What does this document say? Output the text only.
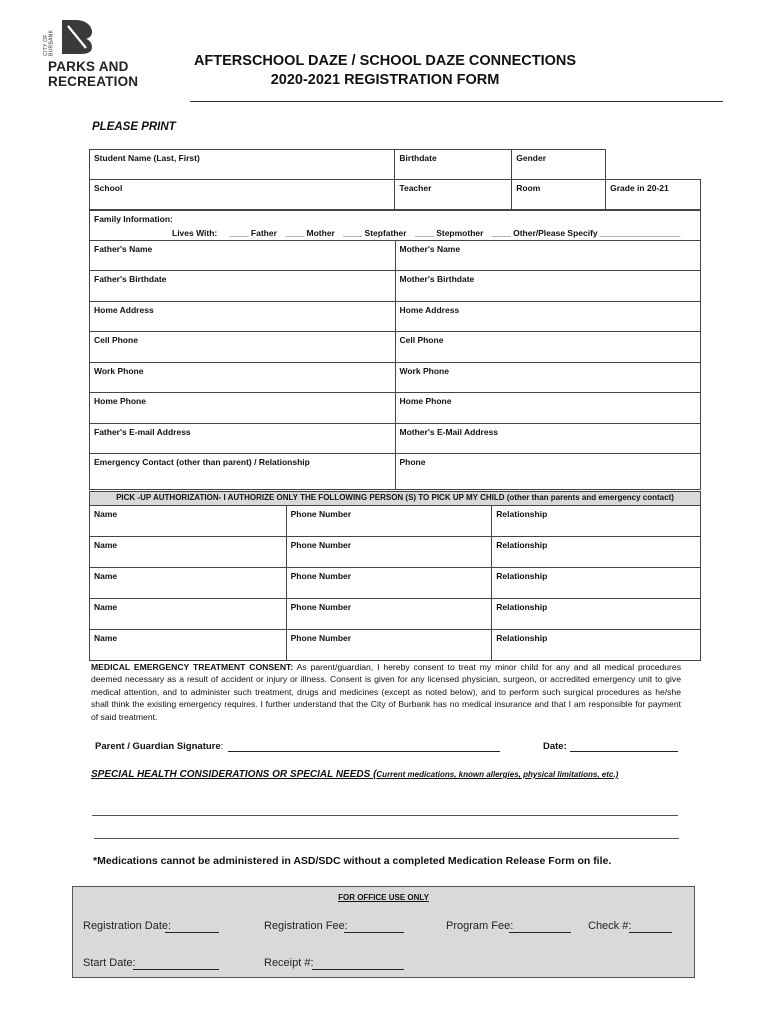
CITY OF BURBANK
PARKS AND
RECREATION
AFTERSCHOOL DAZE / SCHOOL DAZE CONNECTIONS
2020-2021 REGISTRATION FORM
PLEASE PRINT
Student Name (Last, First)	Birthdate	Gender	
School	Teacher	Room	Grade in 20-21
Family Information:
Lives With: ____ Father ____ Mother ____ Stepfather ____ Stepmother ____ Other/Please Specify _________________	

Father's Name	Mother's Name
Father's Birthdate	Mother's Birthdate
Home Address	Home Address
Cell Phone	Cell Phone
Work Phone	Work Phone
Home Phone	Home Phone
Father's E-mail Address	Mother's E-Mail Address
Emergency Contact (other than parent) / Relationship	Phone
PICK -UP AUTHORIZATION- I AUTHORIZE ONLY THE FOLLOWING PERSON (S) TO PICK UP MY CHILD (other than parents and emergency contact)		
Name	Phone Number	Relationship
Name	Phone Number	Relationship
Name	Phone Number	Relationship
Name	Phone Number	Relationship
Name	Phone Number	Relationship
MEDICAL EMERGENCY TREATMENT CONSENT: As parent/guardian, I hereby consent to treat my minor child for any and all medical procedures deemed necessary as a result of accident or injury or illness. Consent is given for any licensed physician, surgeon, or accredited emergency unit to give medical attention, and to administer such treatment, drugs and medicines (except as noted below), and to perform such surgical procedures as he/she shall think the existing emergency requires. I further understand that the City of Burbank has no medical insurance and that I am responsible for payment of said treatment.
Parent / Guardian Signature:	Date:
SPECIAL HEALTH CONSIDERATIONS OR SPECIAL NEEDS (Current medications, known allergies, physical limitations, etc.)
*Medications cannot be administered in ASD/SDC without a completed Medication Release Form on file.
FOR OFFICE USE ONLY
Registration Date:	Registration Fee:	Program Fee:	Check #:
Start Date:	Receipt #:
